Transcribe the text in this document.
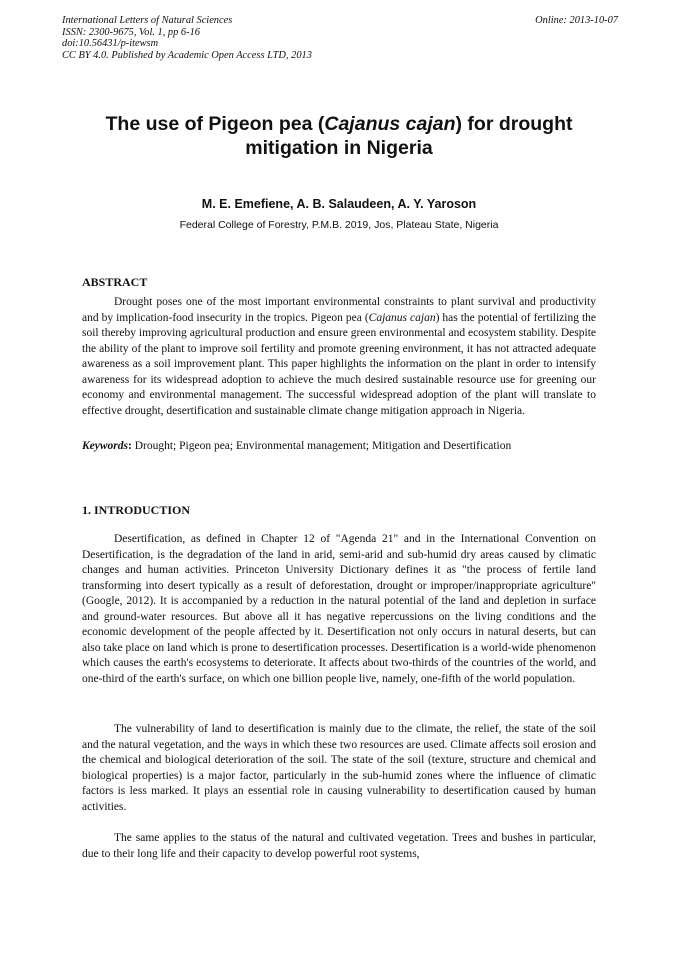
International Letters of Natural Sciences
ISSN: 2300-9675, Vol. 1, pp 6-16
doi:10.56431/p-itewsm
CC BY 4.0. Published by Academic Open Access LTD, 2013
Online: 2013-10-07
The use of Pigeon pea (Cajanus cajan) for drought mitigation in Nigeria
M. E. Emefiene, A. B. Salaudeen, A. Y. Yaroson
Federal College of Forestry, P.M.B. 2019, Jos, Plateau State, Nigeria
ABSTRACT
Drought poses one of the most important environmental constraints to plant survival and productivity and by implication-food insecurity in the tropics. Pigeon pea (Cajanus cajan) has the potential of fertilizing the soil thereby improving agricultural production and ensure green environmental and ecosystem stability. Despite the ability of the plant to improve soil fertility and promote greening environment, it has not attracted adequate awareness as a soil improvement plant. This paper highlights the information on the plant in order to intensify awareness for its widespread adoption to achieve the much desired sustainable resource use for greening our economy and environmental management. The successful widespread adoption of the plant will translate to effective drought, desertification and sustainable climate change mitigation approach in Nigeria.
Keywords: Drought; Pigeon pea; Environmental management; Mitigation and Desertification
1. INTRODUCTION
Desertification, as defined in Chapter 12 of "Agenda 21" and in the International Convention on Desertification, is the degradation of the land in arid, semi-arid and sub-humid dry areas caused by climatic changes and human activities. Princeton University Dictionary defines it as "the process of fertile land transforming into desert typically as a result of deforestation, drought or improper/inappropriate agriculture" (Google, 2012). It is accompanied by a reduction in the natural potential of the land and depletion in surface and ground-water resources. But above all it has negative repercussions on the living conditions and the economic development of the people affected by it. Desertification not only occurs in natural deserts, but can also take place on land which is prone to desertification processes. Desertification is a world-wide phenomenon which causes the earth's ecosystems to deteriorate. It affects about two-thirds of the countries of the world, and one-third of the earth's surface, on which one billion people live, namely, one-fifth of the world population.
The vulnerability of land to desertification is mainly due to the climate, the relief, the state of the soil and the natural vegetation, and the ways in which these two resources are used. Climate affects soil erosion and the chemical and biological deterioration of the soil. The state of the soil (texture, structure and chemical and biological properties) is a major factor, particularly in the sub-humid zones where the influence of climatic factors is less marked. It plays an essential role in causing vulnerability to desertification caused by human activities.
The same applies to the status of the natural and cultivated vegetation. Trees and bushes in particular, due to their long life and their capacity to develop powerful root systems,
